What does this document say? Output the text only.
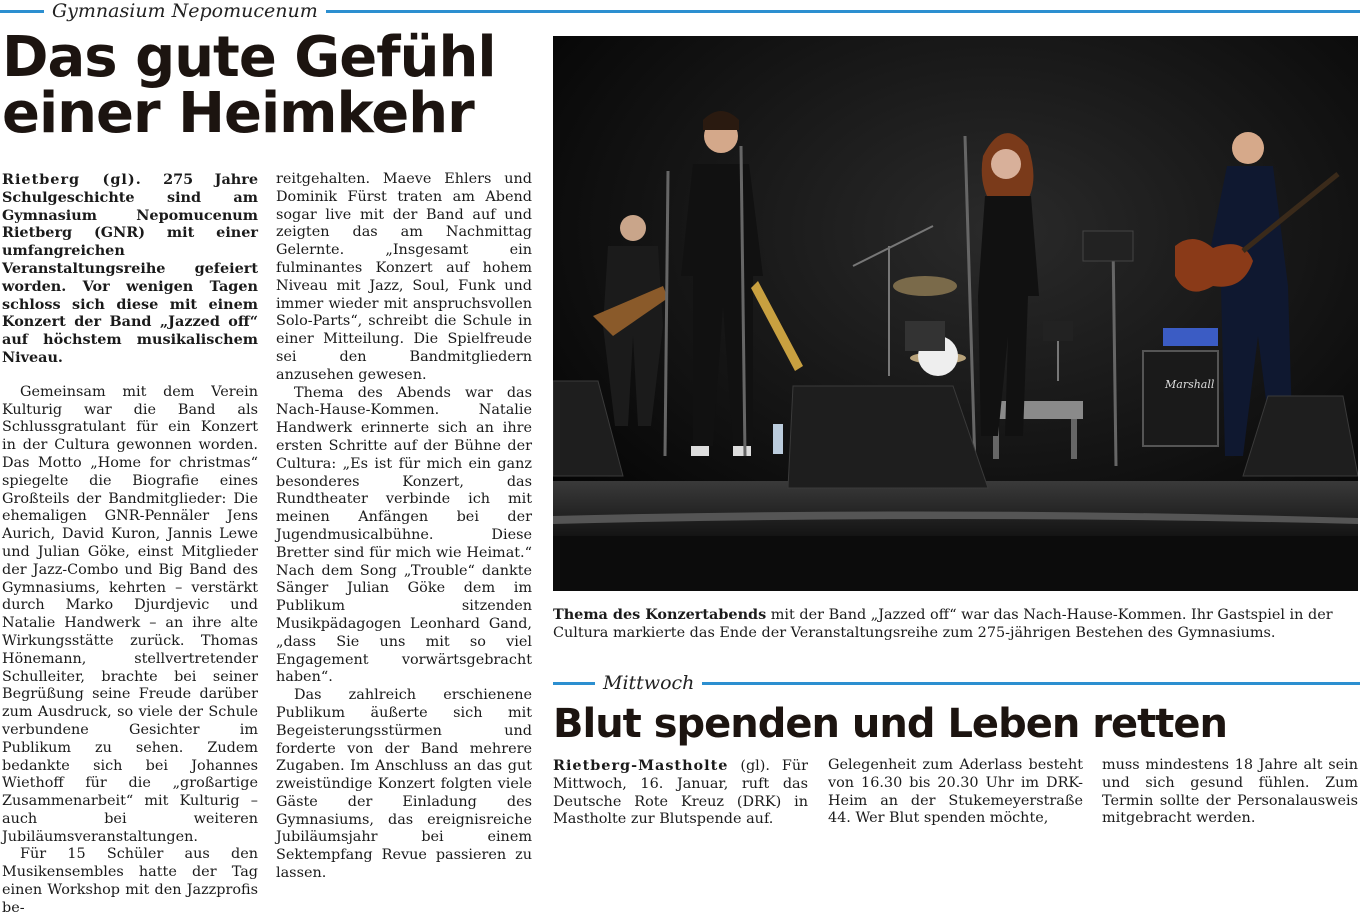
Gymnasium Nepomucenum
Das gute Gefühl
einer Heimkehr

Rietberg (gl). 275 Jahre Schulgeschichte sind am Gymnasium Nepomucenum Rietberg (GNR) mit einer umfangreichen Veranstaltungsreihe gefeiert worden. Vor wenigen Tagen schloss sich diese mit einem Konzert der Band „Jazzed off“ auf höchstem musikalischem Niveau.

Gemeinsam mit dem Verein Kulturig war die Band als Schlussgratulant für ein Konzert in der Cultura gewonnen worden. Das Motto „Home for christmas“ spiegelte die Biografie eines Großteils der Bandmitglieder: Die ehemaligen GNR-Pennäler Jens Aurich, David Kuron, Jannis Lewe und Julian Göke, einst Mitglieder der Jazz-Combo und Big Band des Gymnasiums, kehrten – verstärkt durch Marko Djurdjevic und Natalie Handwerk – an ihre alte Wirkungsstätte zurück. Thomas Hönemann, stellvertretender Schulleiter, brachte bei seiner Begrüßung seine Freude darüber zum Ausdruck, so viele der Schule verbundene Gesichter im Publikum zu sehen. Zudem bedankte sich bei Johannes Wiethoff für die „großartige Zusammenarbeit“ mit Kulturig – auch bei weiteren Jubiläumsveranstaltungen.

Für 15 Schüler aus den Musikensembles hatte der Tag einen Workshop mit den Jazzprofis be-

reitgehalten. Maeve Ehlers und Dominik Fürst traten am Abend sogar live mit der Band auf und zeigten das am Nachmittag Gelernte. „Insgesamt ein fulminantes Konzert auf hohem Niveau mit Jazz, Soul, Funk und immer wieder mit anspruchsvollen Solo-Parts“, schreibt die Schule in einer Mitteilung. Die Spielfreude sei den Bandmitgliedern anzusehen gewesen.

Thema des Abends war das Nach-Hause-Kommen. Natalie Handwerk erinnerte sich an ihre ersten Schritte auf der Bühne der Cultura: „Es ist für mich ein ganz besonderes Konzert, das Rundtheater verbinde ich mit meinen Anfängen bei der Jugendmusicalbühne. Diese Bretter sind für mich wie Heimat.“ Nach dem Song „Trouble“ dankte Sänger Julian Göke dem im Publikum sitzenden Musikpädagogen Leonhard Gand, „dass Sie uns mit so viel Engagement vorwärtsgebracht haben“.

Das zahlreich erschienene Publikum äußerte sich mit Begeisterungsstürmen und forderte von der Band mehrere Zugaben. Im Anschluss an das gut zweistündige Konzert folgten viele Gäste der Einladung des Gymnasiums, das ereignisreiche Jubiläumsjahr bei einem Sektempfang Revue passieren zu lassen.

Marshall
Thema des Konzertabends mit der Band „Jazzed off“ war das Nach-Hause-Kommen. Ihr Gastspiel in der Cultura markierte das Ende der Veranstaltungsreihe zum 275-jährigen Bestehen des Gymnasiums.
Mittwoch
Blut spenden und Leben retten

Rietberg-Mastholte (gl). Für Mittwoch, 16. Januar, ruft das Deutsche Rote Kreuz (DRK) in Mastholte zur Blutspende auf.

Gelegenheit zum Aderlass besteht von 16.30 bis 20.30 Uhr im DRK-Heim an der Stukemeyerstraße 44. Wer Blut spenden möchte,

muss mindestens 18 Jahre alt sein und sich gesund fühlen. Zum Termin sollte der Personalausweis mitgebracht werden.
